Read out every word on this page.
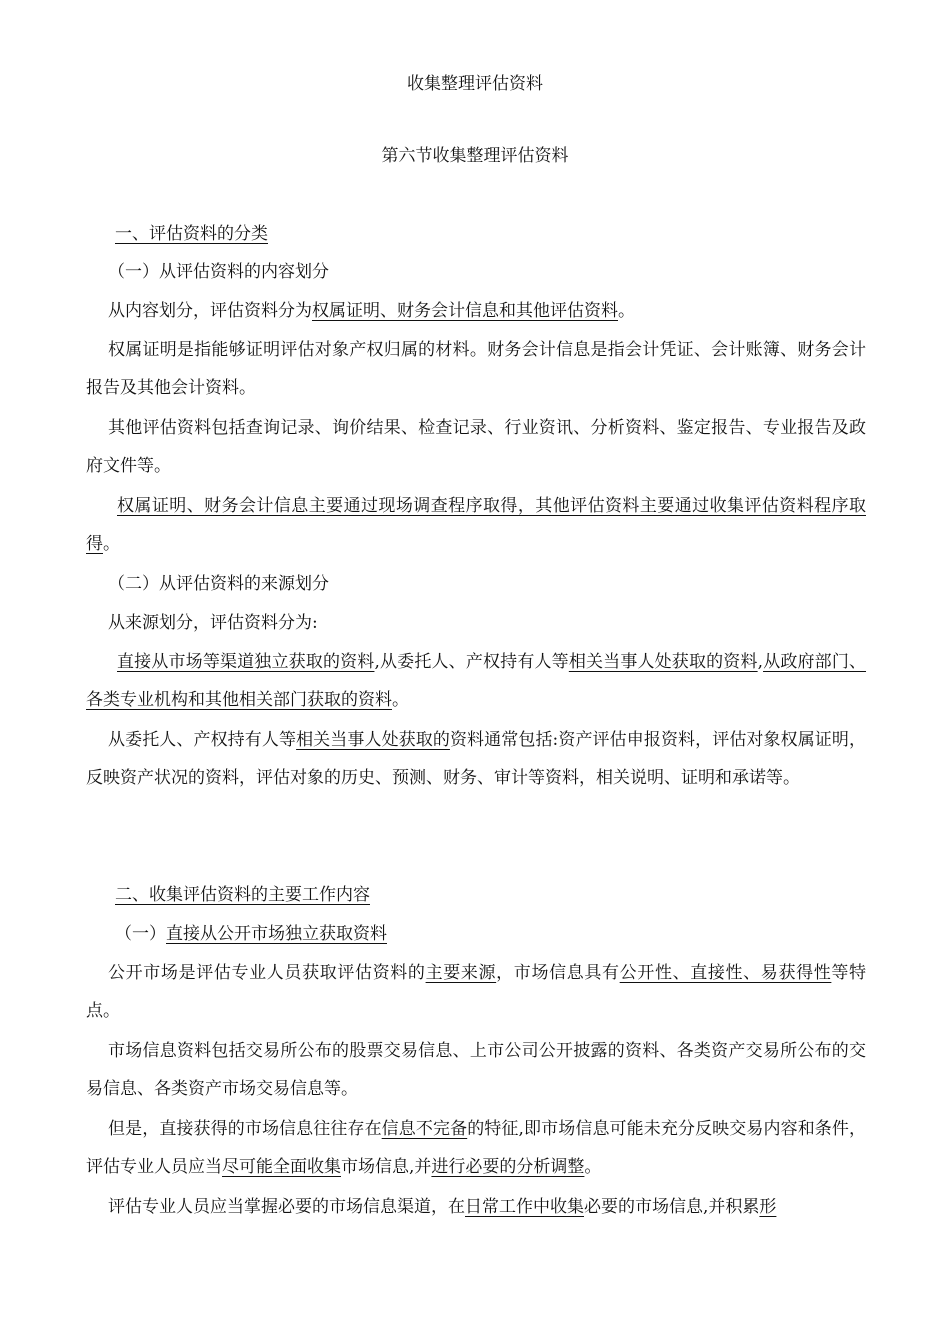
收集整理评估资料
第六节收集整理评估资料
一、评估资料的分类

（一）从评估资料的内容划分

从内容划分，评估资料分为权属证明、财务会计信息和其他评估资料。

权属证明是指能够证明评估对象产权归属的材料。财务会计信息是指会计凭证、会计账簿、财务会计报告及其他会计资料。

其他评估资料包括查询记录、询价结果、检查记录、行业资讯、分析资料、鉴定报告、专业报告及政府文件等。

权属证明、财务会计信息主要通过现场调查程序取得，其他评估资料主要通过收集评估资料程序取得。

（二）从评估资料的来源划分

从来源划分，评估资料分为:

直接从市场等渠道独立获取的资料,从委托人、产权持有人等相关当事人处获取的资料,从政府部门、各类专业机构和其他相关部门获取的资料。

从委托人、产权持有人等相关当事人处获取的资料通常包括:资产评估申报资料，评估对象权属证明，反映资产状况的资料，评估对象的历史、预测、财务、审计等资料，相关说明、证明和承诺等。

二、收集评估资料的主要工作内容

（一）直接从公开市场独立获取资料

公开市场是评估专业人员获取评估资料的主要来源，市场信息具有公开性、直接性、易获得性等特点。

市场信息资料包括交易所公布的股票交易信息、上市公司公开披露的资料、各类资产交易所公布的交易信息、各类资产市场交易信息等。

但是，直接获得的市场信息往往存在信息不完备的特征,即市场信息可能未充分反映交易内容和条件，评估专业人员应当尽可能全面收集市场信息,并进行必要的分析调整。

评估专业人员应当掌握必要的市场信息渠道，在日常工作中收集必要的市场信息,并积累形
